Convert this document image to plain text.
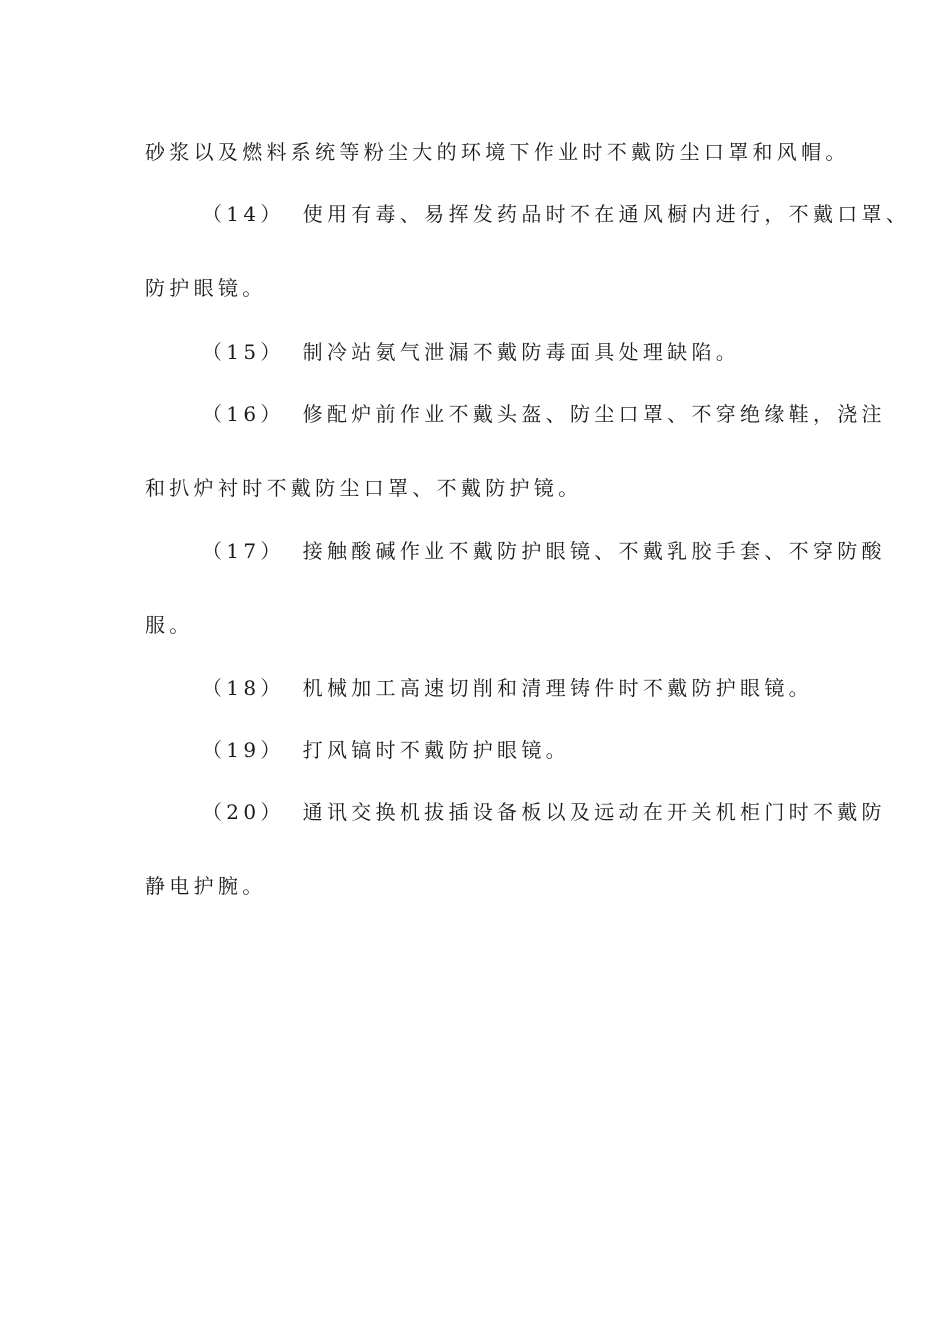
砂浆以及燃料系统等粉尘大的环境下作业时不戴防尘口罩和风帽。
（14） 使用有毒、易挥发药品时不在通风橱内进行，不戴口罩、
防护眼镜。
（15） 制冷站氨气泄漏不戴防毒面具处理缺陷。
（16） 修配炉前作业不戴头盔、防尘口罩、不穿绝缘鞋，浇注
和扒炉衬时不戴防尘口罩、不戴防护镜。
（17） 接触酸碱作业不戴防护眼镜、不戴乳胶手套、不穿防酸
服。
（18） 机械加工高速切削和清理铸件时不戴防护眼镜。
（19） 打风镐时不戴防护眼镜。
（20） 通讯交换机拔插设备板以及远动在开关机柜门时不戴防
静电护腕。
